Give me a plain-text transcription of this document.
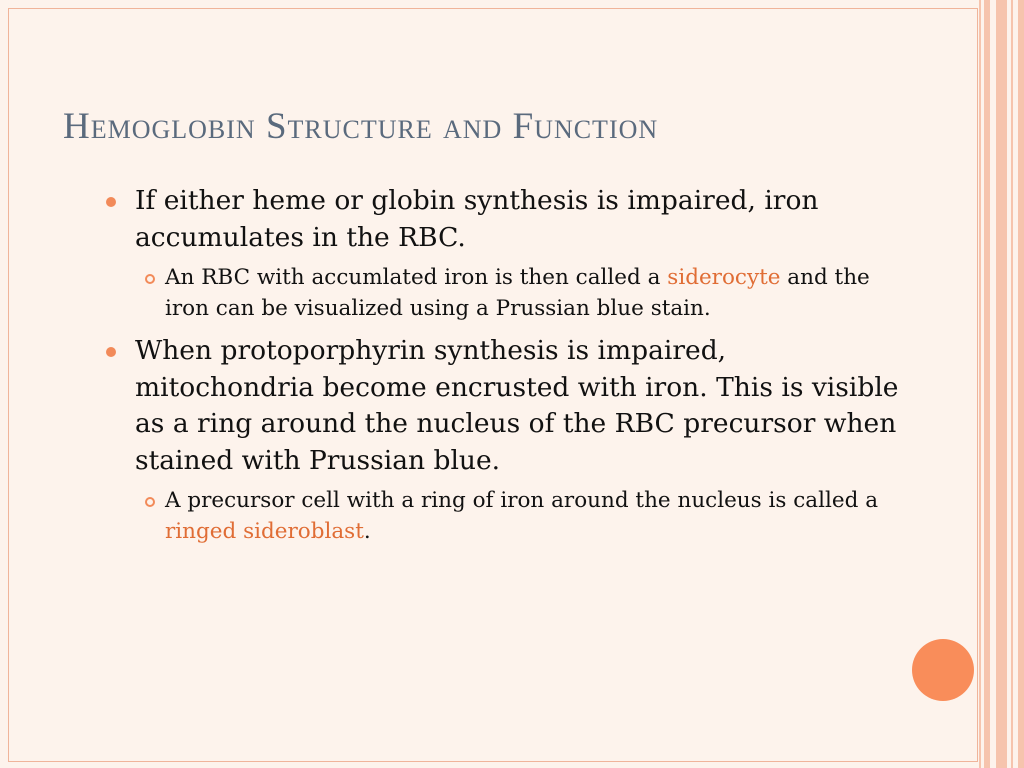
Hemoglobin Structure and Function
If either heme or globin synthesis is impaired, iron accumulates in the RBC.
An RBC with accumlated iron is then called a siderocyte and the iron can be visualized using a Prussian blue stain.
When protoporphyrin synthesis is impaired, mitochondria become encrusted with iron. This is visible as a ring around the nucleus of the RBC precursor when stained with Prussian blue.
A precursor cell with a ring of iron around the nucleus is called a ringed sideroblast.
